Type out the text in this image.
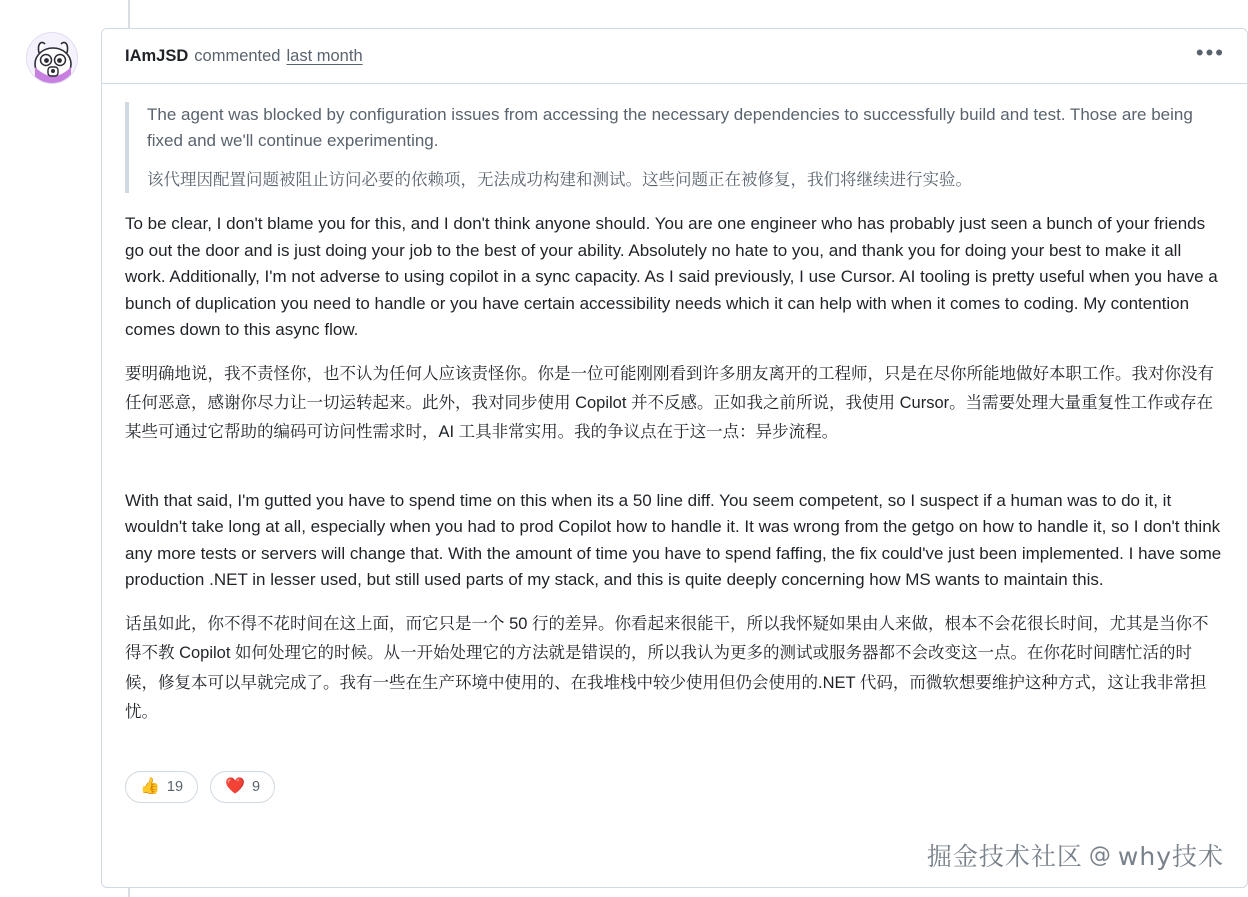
IAmJSD commented last month	•••

The agent was blocked by configuration issues from accessing the necessary dependencies to successfully build and test. Those are being fixed and we'll continue experimenting.

该代理因配置问题被阻止访问必要的依赖项，无法成功构建和测试。这些问题正在被修复，我们将继续进行实验。

To be clear, I don't blame you for this, and I don't think anyone should. You are one engineer who has probably just seen a bunch of your friends go out the door and is just doing your job to the best of your ability. Absolutely no hate to you, and thank you for doing your best to make it all work. Additionally, I'm not adverse to using copilot in a sync capacity. As I said previously, I use Cursor. AI tooling is pretty useful when you have a bunch of duplication you need to handle or you have certain accessibility needs which it can help with when it comes to coding. My contention comes down to this async flow.

要明确地说，我不责怪你，也不认为任何人应该责怪你。你是一位可能刚刚看到许多朋友离开的工程师，只是在尽你所能地做好本职工作。我对你没有任何恶意，感谢你尽力让一切运转起来。此外，我对同步使用 Copilot 并不反感。正如我之前所说，我使用 Cursor。当需要处理大量重复性工作或存在某些可通过它帮助的编码可访问性需求时，AI 工具非常实用。我的争议点在于这一点：异步流程。

With that said, I'm gutted you have to spend time on this when its a 50 line diff. You seem competent, so I suspect if a human was to do it, it wouldn't take long at all, especially when you had to prod Copilot how to handle it. It was wrong from the getgo on how to handle it, so I don't think any more tests or servers will change that. With the amount of time you have to spend faffing, the fix could've just been implemented. I have some production .NET in lesser used, but still used parts of my stack, and this is quite deeply concerning how MS wants to maintain this.

话虽如此，你不得不花时间在这上面，而它只是一个 50 行的差异。你看起来很能干，所以我怀疑如果由人来做，根本不会花很长时间，尤其是当你不得不教 Copilot 如何处理它的时候。从一开始处理它的方法就是错误的，所以我认为更多的测试或服务器都不会改变这一点。在你花时间瞎忙活的时候，修复本可以早就完成了。我有一些在生产环境中使用的、在我堆栈中较少使用但仍会使用的.NET 代码，而微软想要维护这种方式，这让我非常担忧。

👍 19	❤️ 9
掘金技术社区 @ why技术
